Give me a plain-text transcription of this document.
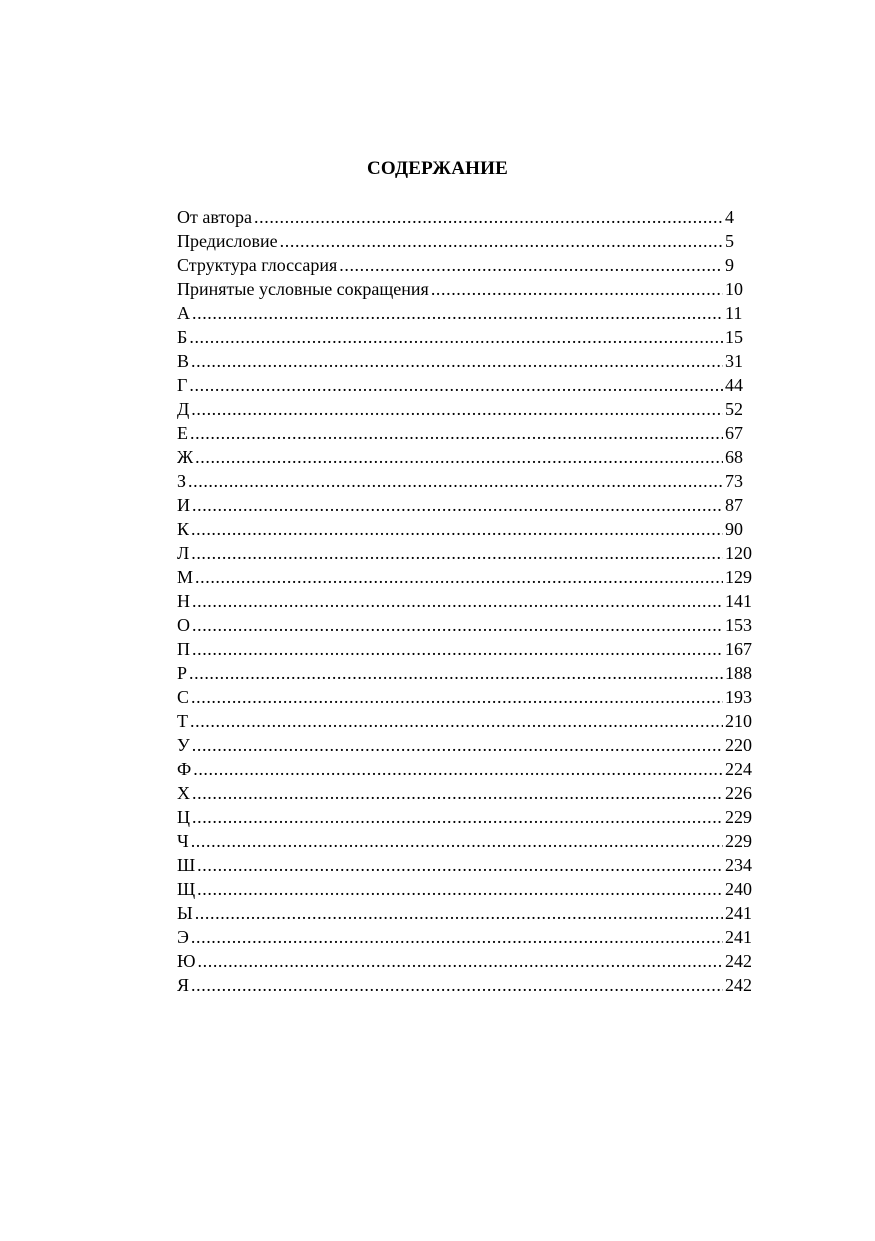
СОДЕРЖАНИЕ
От автора .....	4
Предисловие .....	5
Структура глоссария .....	9
Принятые условные сокращения .....	10
А .....	11
Б .....	15
В .....	31
Г .....	44
Д .....	52
Е .....	67
Ж .....	68
З .....	73
И .....	87
К .....	90
Л .....	120
М .....	129
Н .....	141
О .....	153
П .....	167
Р .....	188
С .....	193
Т .....	210
У .....	220
Ф .....	224
Х .....	226
Ц .....	229
Ч .....	229
Ш .....	234
Щ .....	240
Ы .....	241
Э .....	241
Ю .....	242
Я .....	242
